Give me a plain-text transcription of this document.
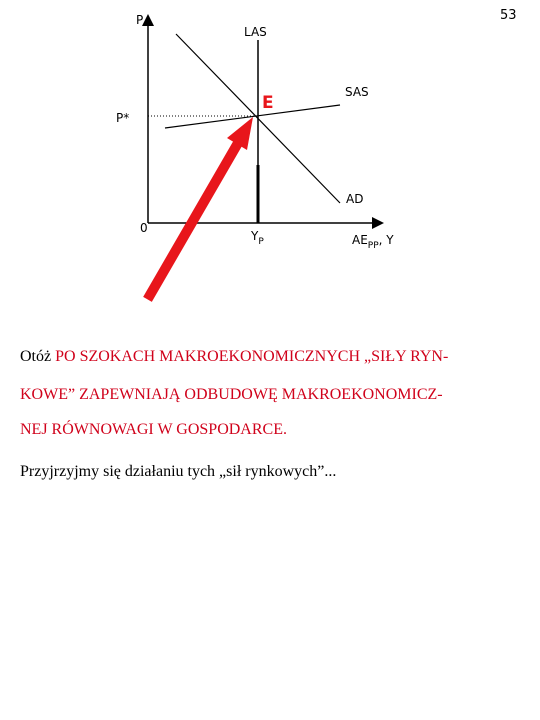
53
P
LAS
SAS
AD
E
P*
0
$Y_P$	$AE_{PP}$, Y
Otóż PO SZOKACH MAKROEKONOMICZNYCH „SIŁY RYN-
KOWE” ZAPEWNIAJĄ ODBUDOWĘ MAKROEKONOMICZ-
NEJ RÓWNOWAGI W GOSPODARCE.
Przyjrzyjmy się działaniu tych „sił rynkowych”...
